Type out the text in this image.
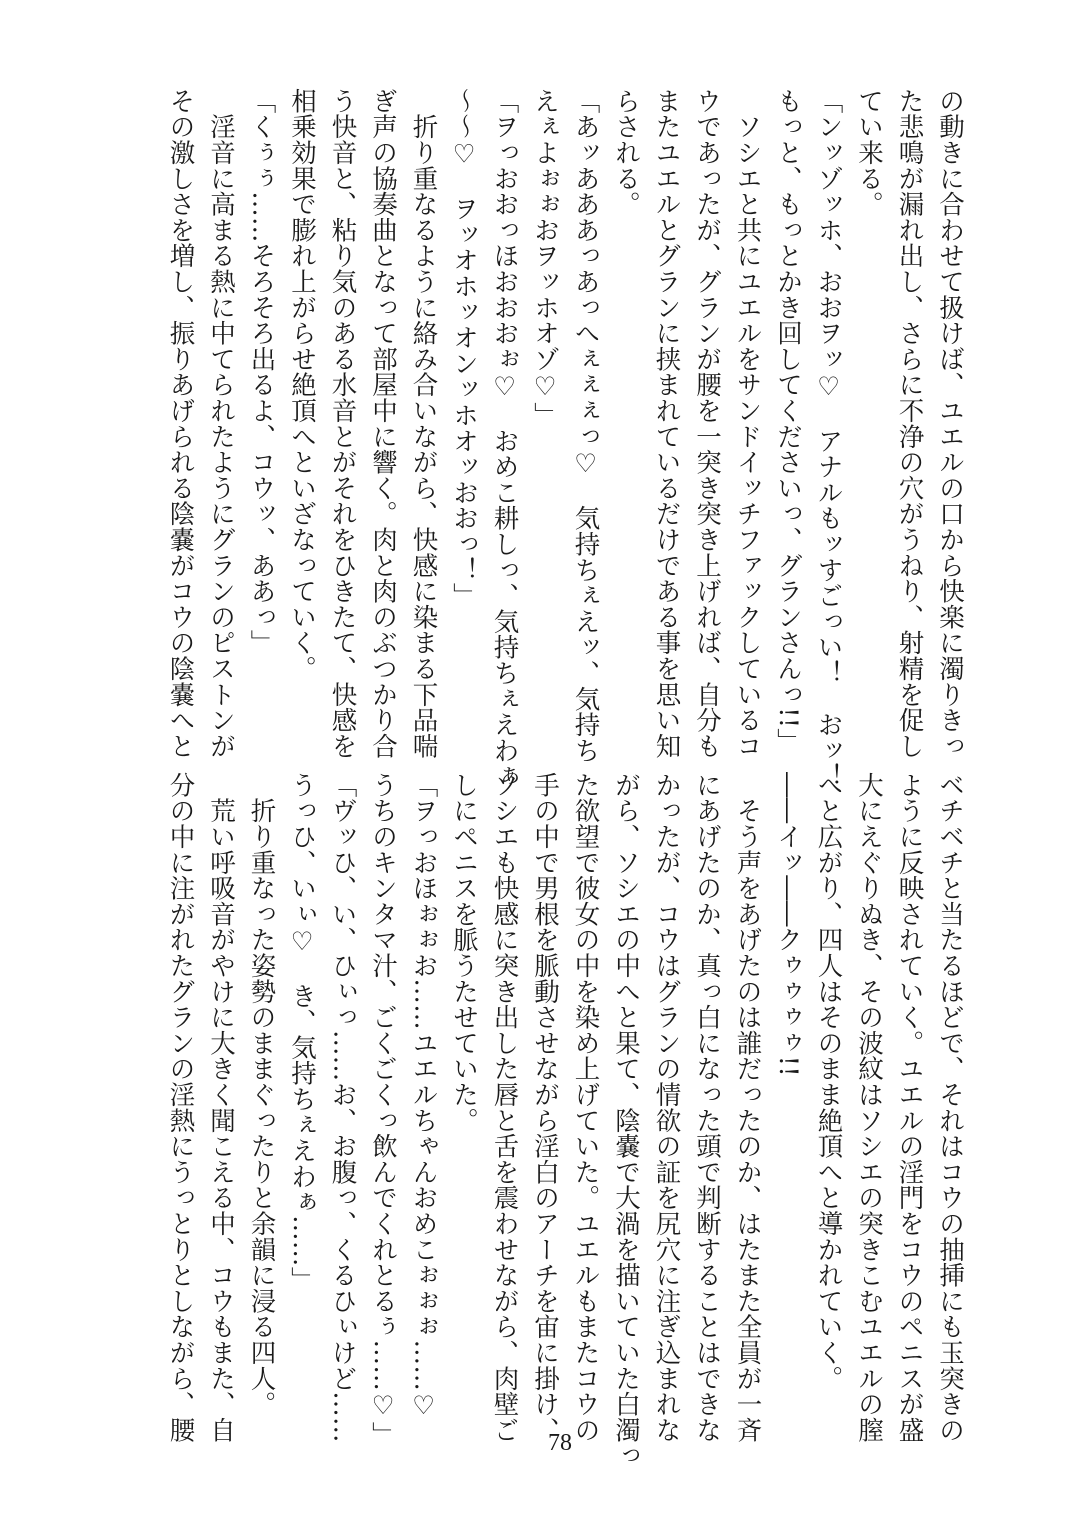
の動きに合わせて扱けば、ユエルの口から快楽に濁りきっ
た悲鳴が漏れ出し、さらに不浄の穴がうねり、射精を促し
てい来る。
「ンッゾッホ、おおヲッ♡　アナルもッすごっい！　おッ！
もっと、もっとかき回してくださいっ、グランさんっ!!」
　ソシエと共にユエルをサンドイッチファックしているコ
ウであったが、グランが腰を一突き突き上げれば、自分も
またユエルとグランに挟まれているだけである事を思い知
らされる。
「あッあああっあっへぇぇぇっ♡　気持ちぇえッ、気持ち
えぇよぉぉおヲッホオゾ♡」
「ヲっおおっほおおおぉ♡　おめこ耕しっ、気持ちぇえわぁ
〜〜♡　ヲッオホッオンッホオッおおっ！」
　折り重なるように絡み合いながら、快感に染まる下品喘
ぎ声の協奏曲となって部屋中に響く。肉と肉のぶつかり合
う快音と、粘り気のある水音とがそれをひきたて、快感を
相乗効果で膨れ上がらせ絶頂へといざなっていく。
「くぅぅ……そろそろ出るよ、コウッ、ああっ」
　淫音に高まる熱に中てられたようにグランのピストンが
その激しさを増し、振りあげられる陰嚢がコウの陰嚢へと
ベチベチと当たるほどで、それはコウの抽挿にも玉突きの
ように反映されていく。ユエルの淫門をコウのペニスが盛
大にえぐりぬき、その波紋はソシエの突きこむユエルの膣
へと広がり、四人はそのまま絶頂へと導かれていく。
――イッ――クゥゥゥゥ!!
　そう声をあげたのは誰だったのか、はたまた全員が一斉
にあげたのか、真っ白になった頭で判断することはできな
かったが、コウはグランの情欲の証を尻穴に注ぎ込まれな
がら、ソシエの中へと果て、陰嚢で大渦を描いていた白濁っ
た欲望で彼女の中を染め上げていた。ユエルもまたコウの
手の中で男根を脈動させながら淫白のアーチを宙に掛け、
ソシエも快感に突き出した唇と舌を震わせながら、肉壁ご
しにペニスを脈うたせていた。
「ヲっおほぉぉお……ユエルちゃんおめこぉぉぉ……♡
うちのキンタマ汁、ごくごくっ飲んでくれとるぅ……♡」
「ヴッひ、い、ひぃっ……お、お腹っ、くるひぃけど……
うっひ、いぃ♡　き、気持ちぇえわぁ……」
　折り重なった姿勢のままぐったりと余韻に浸る四人。
　荒い呼吸音がやけに大きく聞こえる中、コウもまた、自
分の中に注がれたグランの淫熱にうっとりとしながら、腰
78
